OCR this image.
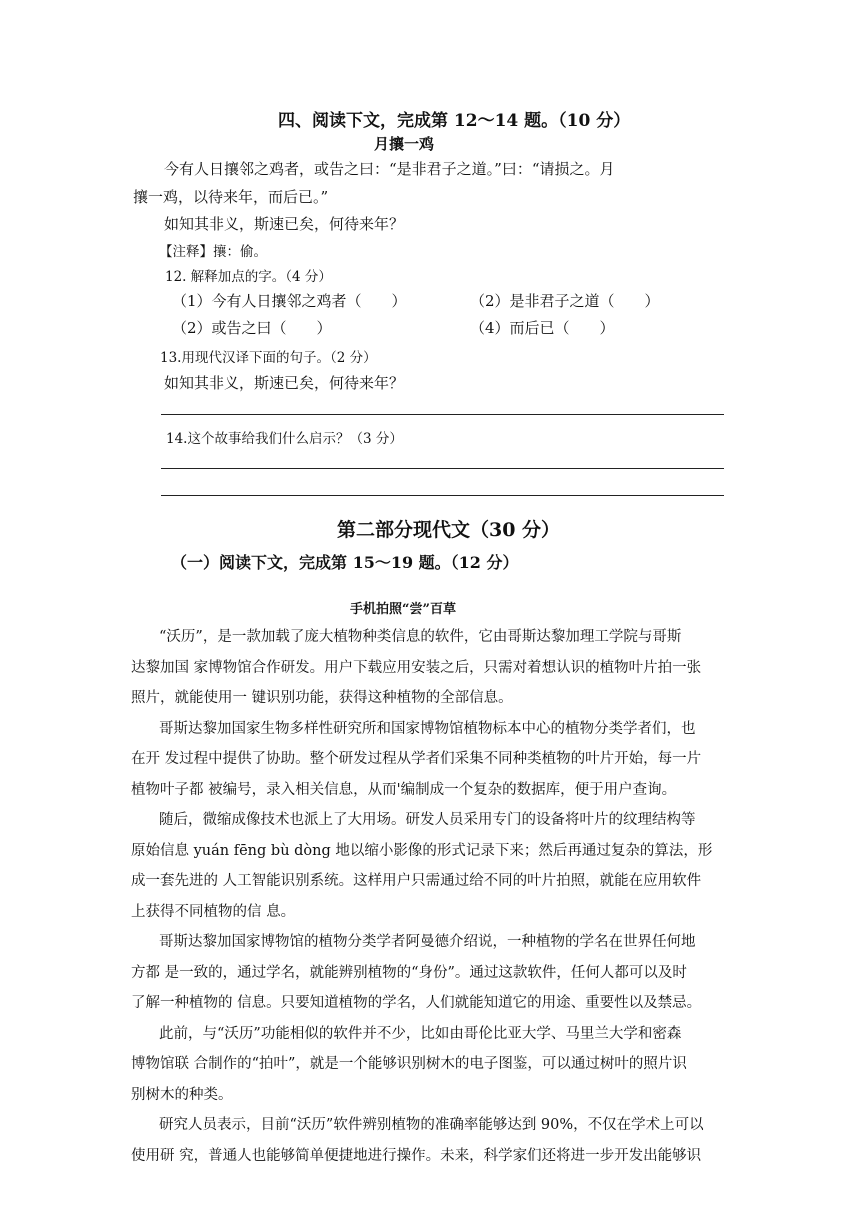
四、阅读下文，完成第 12～14 题。（10 分）
月攘一鸡
今有人日攘邻之鸡者，或告之曰：“是非君子之道。”曰：“请损之。月
攘一鸡，以待来年，而后已。”
如知其非义，斯速已矣，何待来年？
【注释】攘：偷。
12. 解释加点的字。（4 分）
（1）今有人日攘邻之鸡者（　　）	（2）是非君子之道（　　）
（2）或告之曰（　　）	（4）而后已（　　）
13.用现代汉译下面的句子。（2 分）
如知其非义，斯速已矣，何待来年？
14.这个故事给我们什么启示？（3 分）
第二部分现代文（30 分）
（一）阅读下文，完成第 15～19 题。（12 分）
手机拍照“尝”百草

“沃历”，是一款加载了庞大植物种类信息的软件，它由哥斯达黎加理工学院与哥斯
达黎加国 家博物馆合作研发。用户下载应用安装之后，只需对着想认识的植物叶片拍一张
照片，就能使用一 键识别功能，获得这种植物的全部信息。

哥斯达黎加国家生物多样性研究所和国家博物馆植物标本中心的植物分类学者们，也
在开 发过程中提供了协助。整个研发过程从学者们采集不同种类植物的叶片开始，每一片
植物叶子都 被编号，录入相关信息，从而'编制成一个复杂的数据库，便于用户查询。

随后，微缩成像技术也派上了大用场。研发人员采用专门的设备将叶片的纹理结构等
原始信息 yuán fēng bù dòng 地以缩小影像的形式记录下来；然后再通过复杂的算法，形
成一套先进的 人工智能识别系统。这样用户只需通过给不同的叶片拍照，就能在应用软件
上获得不同植物的信 息。

哥斯达黎加国家博物馆的植物分类学者阿曼德介绍说，一种植物的学名在世界任何地
方都 是一致的，通过学名，就能辨别植物的“身份”。通过这款软件，任何人都可以及时
了解一种植物的 信息。只要知道植物的学名，人们就能知道它的用途、重要性以及禁忌。

此前，与“沃历”功能相似的软件并不少，比如由哥伦比亚大学、马里兰大学和密森
博物馆联 合制作的“拍叶”，就是一个能够识别树木的电子图鉴，可以通过树叶的照片识
别树木的种类。

研究人员表示，目前“沃历”软件辨别植物的准确率能够达到 90%，不仅在学术上可以
使用研 究，普通人也能够简单便捷地进行操作。未来，科学家们还将进一步开发出能够识
